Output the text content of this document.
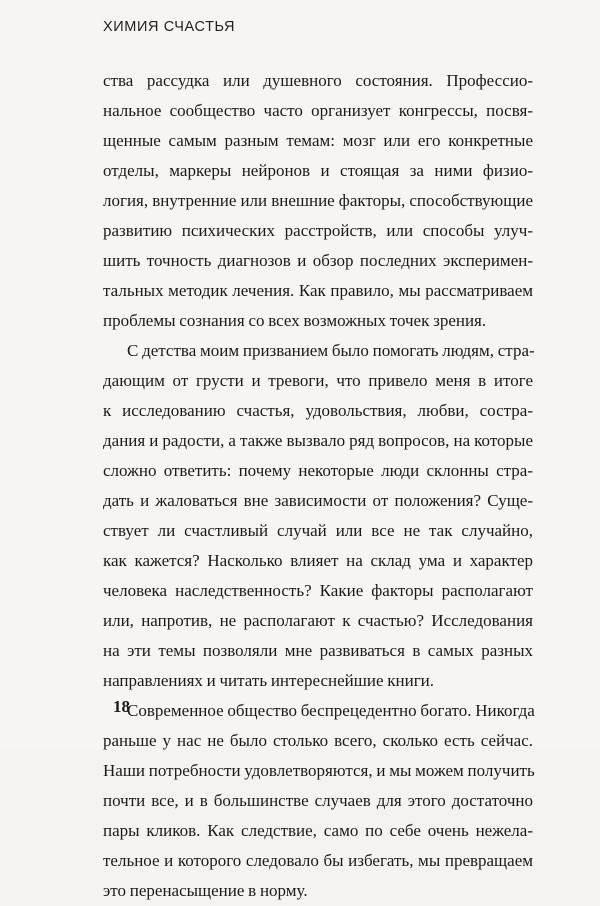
ХИМИЯ СЧАСТЬЯ
ства рассудка или душевного состояния. Профессио-
нальное сообщество часто организует конгрессы, посвя-
щенные самым разным темам: мозг или его конкретные
отделы, маркеры нейронов и стоящая за ними физио-
логия, внутренние или внешние факторы, способствующие
развитию психических расстройств, или способы улуч-
шить точность диагнозов и обзор последних эксперимен-
тальных методик лечения. Как правило, мы рассматриваем
проблемы сознания со всех возможных точек зрения.
С детства моим призванием было помогать людям, стра-
дающим от грусти и тревоги, что привело меня в итоге
к исследованию счастья, удовольствия, любви, состра-
дания и радости, а также вызвало ряд вопросов, на которые
сложно ответить: почему некоторые люди склонны стра-
дать и жаловаться вне зависимости от положения? Суще-
ствует ли счастливый случай или все не так случайно,
как кажется? Насколько влияет на склад ума и характер
человека наследственность? Какие факторы располагают
или, напротив, не располагают к счастью? Исследования
на эти темы позволяли мне развиваться в самых разных
направлениях и читать интереснейшие книги.
Современное общество беспрецедентно богато. Никогда
раньше у нас не было столько всего, сколько есть сейчас.
Наши потребности удовлетворяются, и мы можем получить
почти все, и в большинстве случаев для этого достаточно
пары кликов. Как следствие, само по себе очень нежела-
тельное и которого следовало бы избегать, мы превращаем
это перенасыщение в норму.
18
